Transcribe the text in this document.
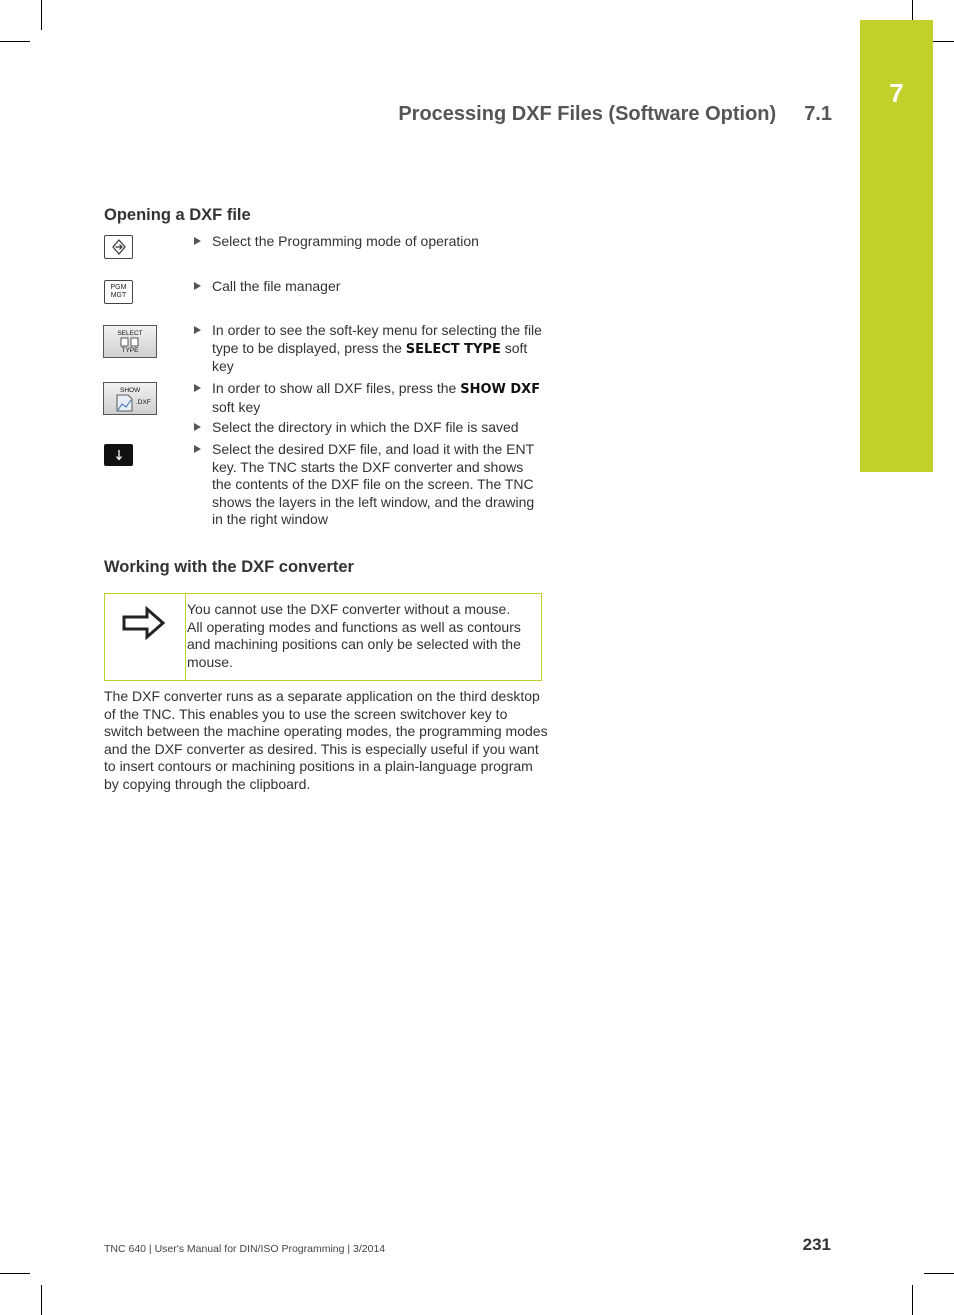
7
Processing DXF Files (Software Option) 7.1
Opening a DXF file
PGM
MGT
SELECT
TYPE
SHOW
.DXF
Select the Programming mode of operation
Call the file manager
In order to see the soft-key menu for selecting the file type to be displayed, press the SELECT TYPE soft key
In order to show all DXF files, press the SHOW DXF soft key
Select the directory in which the DXF file is saved
Select the desired DXF file, and load it with the ENT key. The TNC starts the DXF converter and shows the contents of the DXF file on the screen. The TNC shows the layers in the left window, and the drawing in the right window
Working with the DXF converter
You cannot use the DXF converter without a mouse. All operating modes and functions as well as contours and machining positions can only be selected with the mouse.
The DXF converter runs as a separate application on the third desktop of the TNC. This enables you to use the screen switchover key to switch between the machine operating modes, the programming modes and the DXF converter as desired. This is especially useful if you want to insert contours or machining positions in a plain-language program by copying through the clipboard.
TNC 640 | User's Manual for DIN/ISO Programming | 3/2014	231
